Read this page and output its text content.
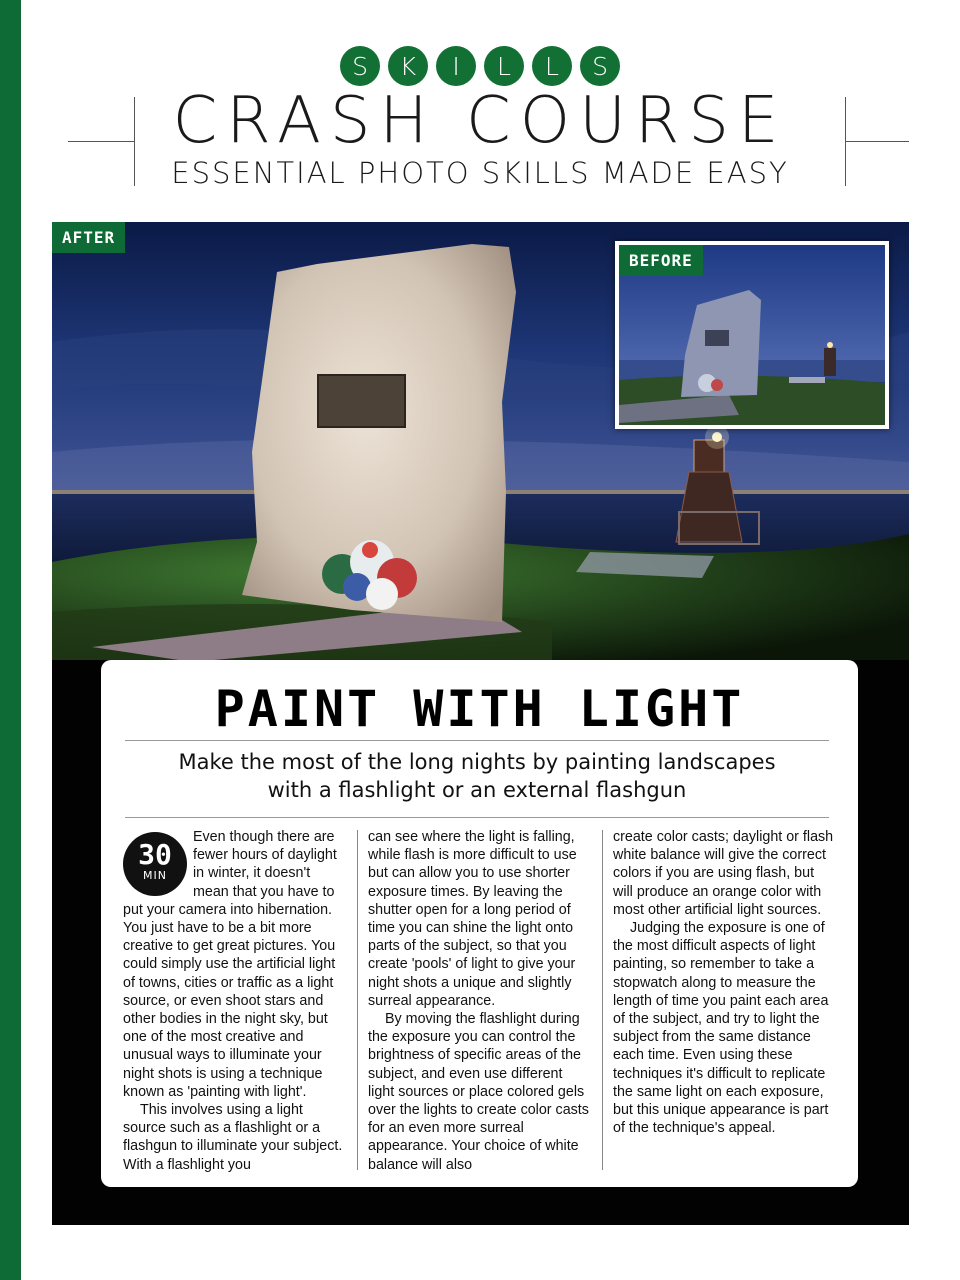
S	K	I	L	L	S
CRASH COURSE
ESSENTIAL PHOTO SKILLS MADE EASY
AFTER
BEFORE
PAINT WITH LIGHT
Make the most of the long nights by painting landscapes
with a flashlight or an external flashgun
30
MIN

Even though there are fewer hours of daylight in winter, it doesn't mean that you have to put your camera into hibernation. You just have to be a bit more creative to get great pictures. You could simply use the artificial light of towns, cities or traffic as a light source, or even shoot stars and other bodies in the night sky, but one of the most creative and unusual ways to illuminate your night shots is using a technique known as 'painting with light'.

This involves using a light source such as a flashlight or a flashgun to illuminate your subject. With a flashlight you

can see where the light is falling, while flash is more difficult to use but can allow you to use shorter exposure times. By leaving the shutter open for a long period of time you can shine the light onto parts of the subject, so that you create 'pools' of light to give your night shots a unique and slightly surreal appearance.

By moving the flashlight during the exposure you can control the brightness of specific areas of the subject, and even use different light sources or place colored gels over the lights to create color casts for an even more surreal appearance. Your choice of white balance will also

create color casts; daylight or flash white balance will give the correct colors if you are using flash, but will produce an orange color with most other artificial light sources.

Judging the exposure is one of the most difficult aspects of light painting, so remember to take a stopwatch along to measure the length of time you paint each area of the subject, and try to light the subject from the same distance each time. Even using these techniques it's difficult to replicate the same light on each exposure, but this unique appearance is part of the technique's appeal.
